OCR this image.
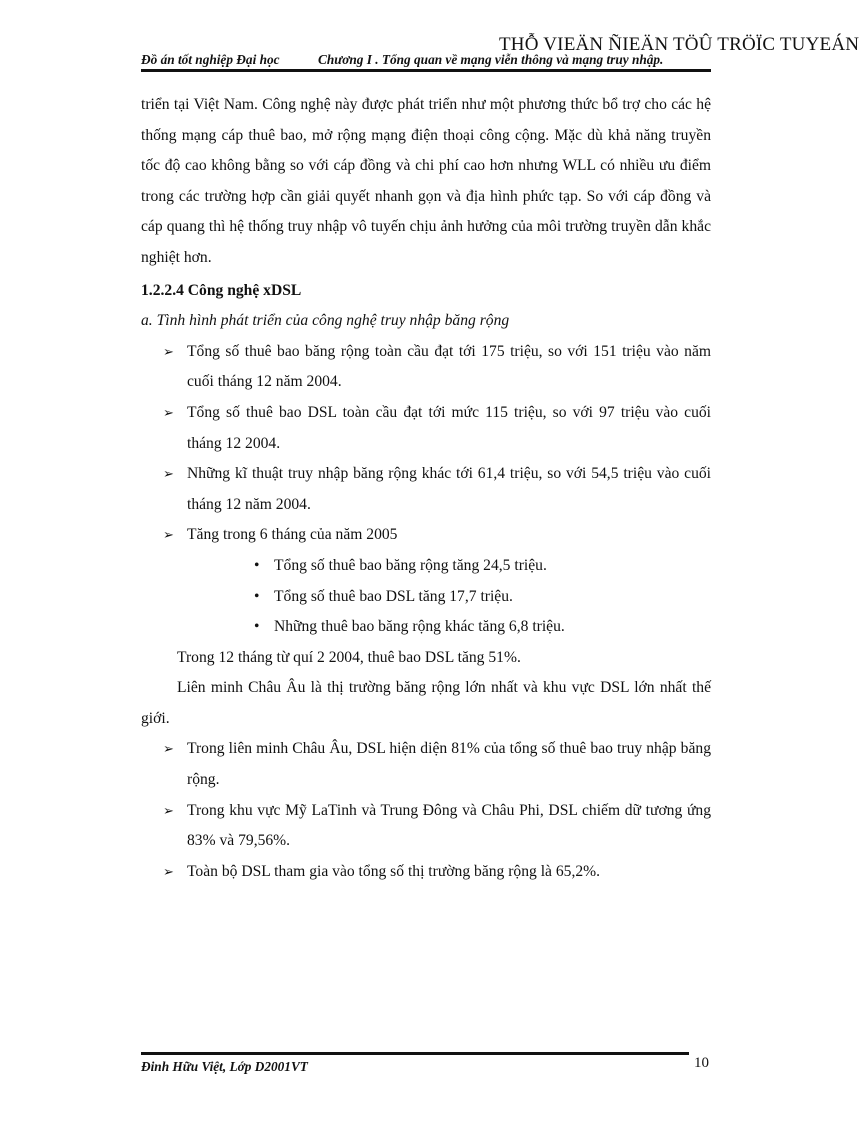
Đồ án tốt nghiệp Đại học	Chương I . Tổng quan về mạng viễn thông và mạng truy nhập.
THỖ VIEÄN ÑIEÄN TÖÛ TRÖÏC TUYEÁN

triển tại Việt Nam. Công nghệ này được phát triển như một phương thức bổ trợ cho các hệ thống mạng cáp thuê bao, mở rộng mạng điện thoại công cộng. Mặc dù khả năng truyền tốc độ cao không bằng so với cáp đồng và chi phí cao hơn nhưng WLL có nhiều ưu điểm trong các trường hợp cần giải quyết nhanh gọn và địa hình phức tạp. So với cáp đồng và cáp quang thì hệ thống truy nhập vô tuyến chịu ảnh hưởng của môi trường truyền dẫn khắc nghiệt hơn.

1.2.2.4 Công nghệ xDSL

a. Tình hình phát triển của công nghệ truy nhập băng rộng

➢ Tổng số thuê bao băng rộng toàn cầu đạt tới 175 triệu, so với 151 triệu vào năm cuối tháng 12 năm 2004.
➢ Tổng số thuê bao DSL toàn cầu đạt tới mức 115 triệu, so với 97 triệu vào cuối tháng 12 2004.
➢ Những kĩ thuật truy nhập băng rộng khác tới 61,4 triệu, so với 54,5 triệu vào cuối tháng 12 năm 2004.
➢ Tăng trong 6 tháng của năm 2005
• Tổng số thuê bao băng rộng tăng 24,5 triệu.
• Tổng số thuê bao DSL tăng 17,7 triệu.
• Những thuê bao băng rộng khác tăng 6,8 triệu.

Trong 12 tháng từ quí 2 2004, thuê bao DSL tăng 51%.

Liên minh Châu Âu là thị trường băng rộng lớn nhất và khu vực DSL lớn nhất thế giới.

➢ Trong liên minh Châu Âu, DSL hiện diện 81% của tổng số thuê bao truy nhập băng rộng.
➢ Trong khu vực Mỹ LaTinh và Trung Đông và Châu Phi, DSL chiếm dữ tương ứng 83% và 79,56%.
➢ Toàn bộ DSL tham gia vào tổng số thị trường băng rộng là 65,2%.
Đinh Hữu Việt, Lớp D2001VT	10
